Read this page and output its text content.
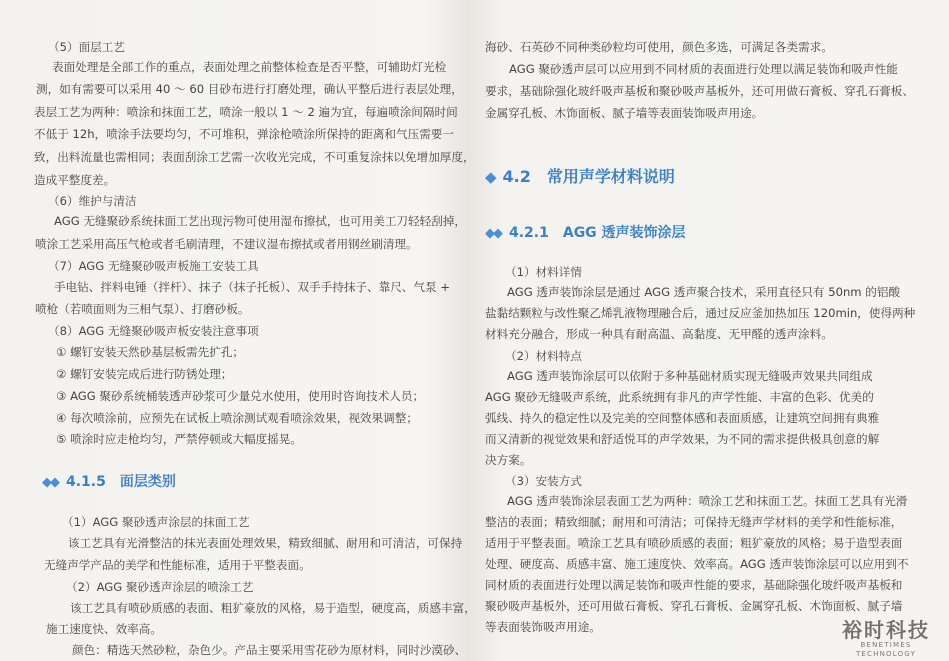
（5）面层工艺
表面处理是全部工作的重点，表面处理之前整体检查是否平整，可辅助灯光检
测，如有需要可以采用 40 ～ 60 目砂布进行打磨处理，确认平整后进行表层处理，
表层工艺为两种：喷涂和抹面工艺，喷涂一般以 1 ～ 2 遍为宜，每遍喷涂间隔时间
不低于 12h，喷涂手法要均匀，不可堆积，弹涂枪喷涂所保持的距离和气压需要一
致，出料流量也需相同；表面刮涂工艺需一次收光完成，不可重复涂抹以免增加厚度，
造成平整度差。
（6）维护与清洁
AGG 无缝聚砂系统抹面工艺出现污物可使用湿布擦拭，也可用美工刀轻轻刮掉，
喷涂工艺采用高压气枪或者毛刷清理，不建议湿布擦拭或者用钢丝刷清理。
（7）AGG 无缝聚砂吸声板施工安装工具
手电钻、拌料电锤（拌杆）、抹子（抹子托板）、双手手持抹子、靠尺、气泵 +
喷枪（若喷面则为三相气泵）、打磨砂板。
（8）AGG 无缝聚砂吸声板安装注意事项
① 螺钉安装天然砂基层板需先扩孔；
② 螺钉安装完成后进行防锈处理；
③ AGG 聚砂系统桶装透声砂浆可少量兑水使用，使用时咨询技术人员；
④ 每次喷涂前，应预先在试板上喷涂测试观看喷涂效果，视效果调整；
⑤ 喷涂时应走枪均匀，严禁停顿或大幅度摇晃。
◆◆ 4.1.5　面层类别
（1）AGG 聚砂透声涂层的抹面工艺
该工艺具有光滑整洁的抹光表面处理效果，精致细腻、耐用和可清洁，可保持
无缝声学产品的美学和性能标准，适用于平整表面。
（2）AGG 聚砂透声涂层的喷涂工艺
该工艺具有喷砂质感的表面、粗犷豪放的风格，易于造型，硬度高，质感丰富，
施工速度快、效率高。
颜色：精选天然砂粒，杂色少。产品主要采用雪花砂为原材料，同时沙漠砂、
海砂、石英砂不同种类砂粒均可使用，颜色多选，可满足各类需求。
AGG 聚砂透声层可以应用到不同材质的表面进行处理以满足装饰和吸声性能
要求，基础除强化玻纤吸声基板和聚砂吸声基板外，还可用做石膏板、穿孔石膏板、
金属穿孔板、木饰面板、腻子墙等表面装饰吸声用途。
◆ 4.2　常用声学材料说明
◆◆ 4.2.1　AGG 透声装饰涂层
（1）材料详情
AGG 透声装饰涂层是通过 AGG 透声聚合技术，采用直径只有 50nm 的铝酸
盐黏结颗粒与改性聚乙烯乳液物理融合后，通过反应釜加热加压 120min，使得两种
材料充分融合，形成一种具有耐高温、高黏度、无甲醛的透声涂料。
（2）材料特点
AGG 透声装饰涂层可以依附于多种基础材质实现无缝吸声效果共同组成
AGG 聚砂无缝吸声系统，此系统拥有非凡的声学性能、丰富的色彩、优美的
弧线、持久的稳定性以及完美的空间整体感和表面质感，让建筑空间拥有典雅
而又清新的视觉效果和舒适悦耳的声学效果，为不同的需求提供极具创意的解
决方案。
（3）安装方式
AGG 透声装饰涂层表面工艺为两种：喷涂工艺和抹面工艺。抹面工艺具有光滑
整洁的表面；精致细腻；耐用和可清洁；可保持无缝声学材料的美学和性能标准，
适用于平整表面。喷涂工艺具有喷砂质感的表面；粗犷豪放的风格；易于造型表面
处理、硬度高、质感丰富、施工速度快、效率高。AGG 透声装饰涂层可以应用到不
同材质的表面进行处理以满足装饰和吸声性能的要求，基础除强化玻纤吸声基板和
聚砂吸声基板外，还可用做石膏板、穿孔石膏板、金属穿孔板、木饰面板、腻子墙
等表面装饰吸声用途。	裕时科技
BENETIMES TECHNOLOGY
